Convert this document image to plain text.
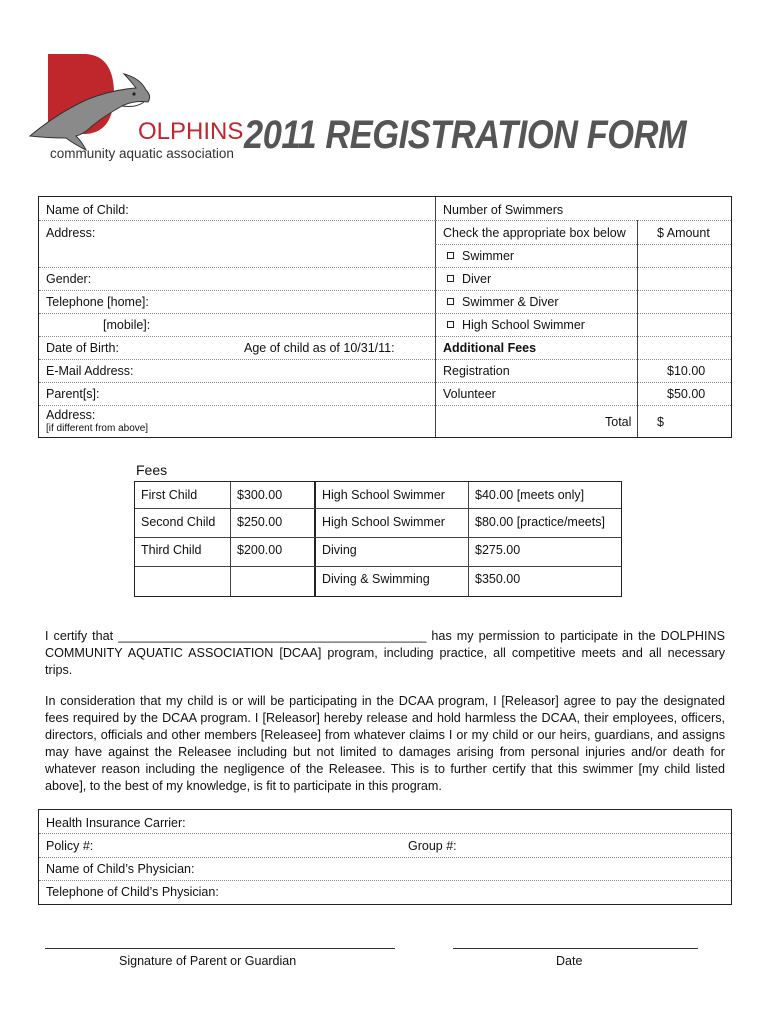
OLPHINS
community aquatic association 2011 REGISTRATION FORM
Name of Child:
Address:
Gender:
Telephone [home]:
[mobile]:
Date of Birth:	Age of child as of 10/31/11:
E-Mail Address:
Parent[s]:
Address:
[if different from above]
Number of Swimmers
Check the appropriate box below $ Amount
Swimmer
Diver
Swimmer & Diver
High School Swimmer
Additional Fees
Registration	$10.00
Volunteer	$50.00
Total $
Fees
First Child	$300.00	High School Swimmer $40.00 [meets only]
Second Child $250.00	High School Swimmer $80.00 [practice/meets]
Third Child	$200.00	Diving	$275.00
Diving & Swimming	$350.00
I certify that ____________________________________________ has my permission to participate in the DOLPHINS COMMUNITY AQUATIC ASSOCIATION [DCAA] program, including practice, all competitive meets and all necessary trips.
In consideration that my child is or will be participating in the DCAA program, I [Releasor] agree to pay the designated fees required by the DCAA program. I [Releasor] hereby release and hold harmless the DCAA, their employees, officers, directors, officials and other members [Releasee] from whatever claims I or my child or our heirs, guardians, and assigns may have against the Releasee including but not limited to damages arising from personal injuries and/or death for whatever reason including the negligence of the Releasee. This is to further certify that this swimmer [my child listed above], to the best of my knowledge, is fit to participate in this program.
Health Insurance Carrier:
Policy #:	Group #:
Name of Child’s Physician:
Telephone of Child’s Physician:
Signature of Parent or Guardian	Date
